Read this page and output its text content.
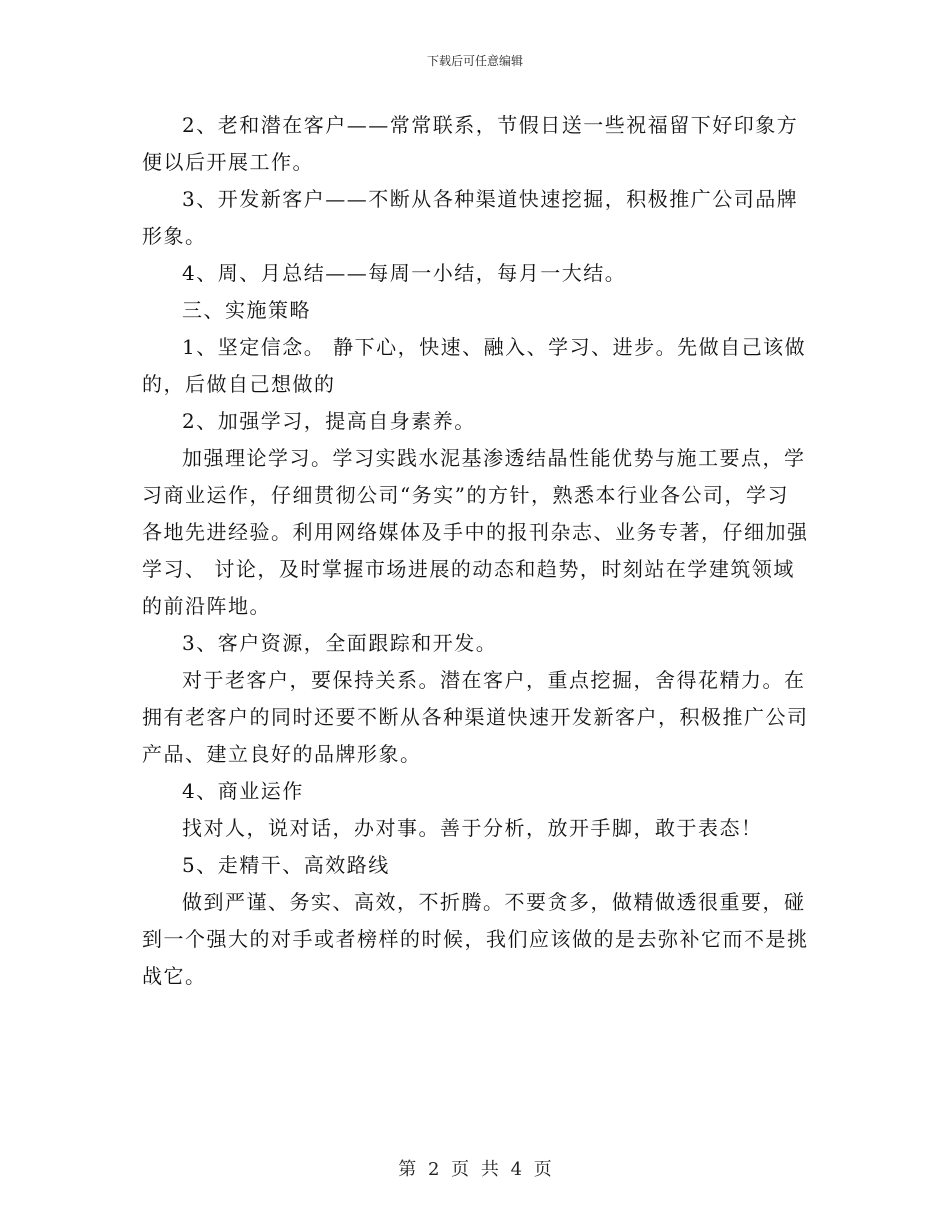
下载后可任意编辑

2、老和潜在客户——常常联系，节假日送一些祝福留下好印象方便以后开展工作。

3、开发新客户——不断从各种渠道快速挖掘，积极推广公司品牌形象。

4、周、月总结——每周一小结，每月一大结。

三、实施策略

1、坚定信念。 静下心，快速、融入、学习、进步。先做自己该做的，后做自己想做的

2、加强学习，提高自身素养。

加强理论学习。学习实践水泥基渗透结晶性能优势与施工要点，学习商业运作，仔细贯彻公司“务实”的方针，熟悉本行业各公司，学习各地先进经验。利用网络媒体及手中的报刊杂志、业务专著，仔细加强学习、 讨论，及时掌握市场进展的动态和趋势，时刻站在学建筑领域的前沿阵地。

3、客户资源，全面跟踪和开发。

对于老客户，要保持关系。潜在客户，重点挖掘，舍得花精力。在拥有老客户的同时还要不断从各种渠道快速开发新客户，积极推广公司产品、建立良好的品牌形象。

4、商业运作

找对人，说对话，办对事。善于分析，放开手脚，敢于表态！

5、走精干、高效路线

做到严谨、务实、高效，不折腾。不要贪多，做精做透很重要，碰到一个强大的对手或者榜样的时候，我们应该做的是去弥补它而不是挑战它。

第 2 页 共 4 页
